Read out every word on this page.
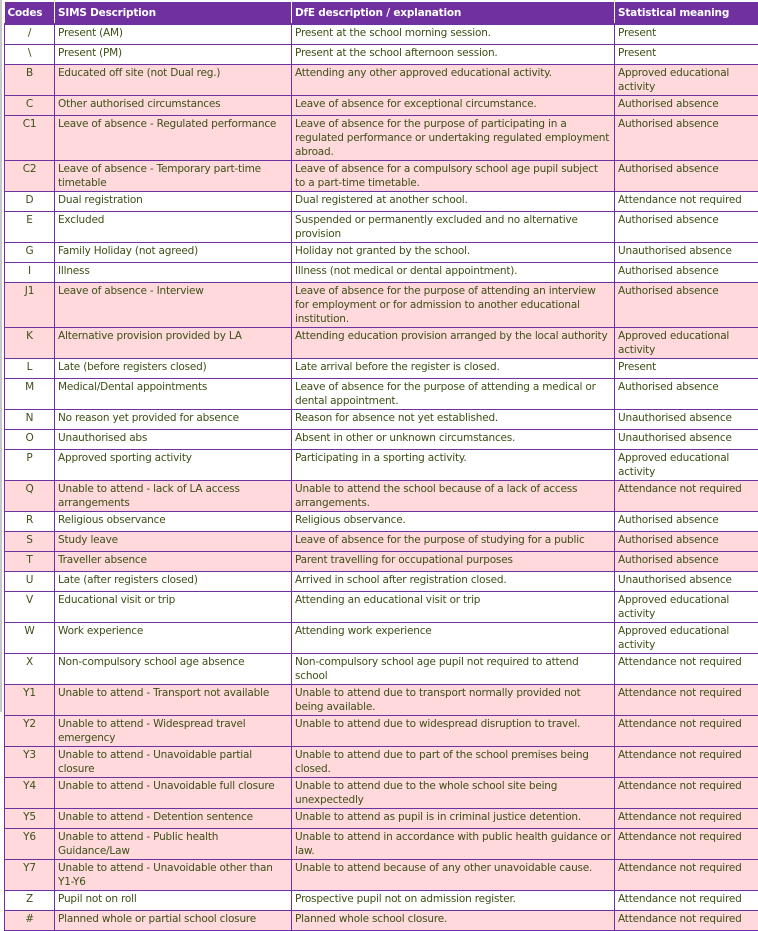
Codes	SIMS Description	DfE description / explanation	Statistical meaning
/	Present (AM)	Present at the school morning session.	Present
\	Present (PM)	Present at the school afternoon session.	Present
B	Educated off site (not Dual reg.)	Attending any other approved educational activity.	Approved educational activity
C	Other authorised circumstances	Leave of absence for exceptional circumstance.	Authorised absence
C1	Leave of absence - Regulated performance	Leave of absence for the purpose of participating in a regulated performance or undertaking regulated employment abroad.	Authorised absence
C2	Leave of absence - Temporary part-time timetable	Leave of absence for a compulsory school age pupil subject to a part-time timetable.	Authorised absence
D	Dual registration	Dual registered at another school.	Attendance not required
E	Excluded	Suspended or permanently excluded and no alternative provision	Authorised absence
G	Family Holiday (not agreed)	Holiday not granted by the school.	Unauthorised absence
I	Illness	Illness (not medical or dental appointment).	Authorised absence
J1	Leave of absence - Interview	Leave of absence for the purpose of attending an interview for employment or for admission to another educational institution.	Authorised absence
K	Alternative provision provided by LA	Attending education provision arranged by the local authority	Approved educational activity
L	Late (before registers closed)	Late arrival before the register is closed.	Present
M	Medical/Dental appointments	Leave of absence for the purpose of attending a medical or dental appointment.	Authorised absence
N	No reason yet provided for absence	Reason for absence not yet established.	Unauthorised absence
O	Unauthorised abs	Absent in other or unknown circumstances.	Unauthorised absence
P	Approved sporting activity	Participating in a sporting activity.	Approved educational activity
Q	Unable to attend - lack of LA access arrangements	Unable to attend the school because of a lack of access arrangements.	Attendance not required
R	Religious observance	Religious observance.	Authorised absence
S	Study leave	Leave of absence for the purpose of studying for a public	Authorised absence
T	Traveller absence	Parent travelling for occupational purposes	Authorised absence
U	Late (after registers closed)	Arrived in school after registration closed.	Unauthorised absence
V	Educational visit or trip	Attending an educational visit or trip	Approved educational activity
W	Work experience	Attending work experience	Approved educational activity
X	Non-compulsory school age absence	Non-compulsory school age pupil not required to attend school	Attendance not required
Y1	Unable to attend - Transport not available	Unable to attend due to transport normally provided not being available.	Attendance not required
Y2	Unable to attend - Widespread travel emergency	Unable to attend due to widespread disruption to travel.	Attendance not required
Y3	Unable to attend - Unavoidable partial closure	Unable to attend due to part of the school premises being closed.	Attendance not required
Y4	Unable to attend - Unavoidable full closure	Unable to attend due to the whole school site being unexpectedly	Attendance not required
Y5	Unable to attend - Detention sentence	Unable to attend as pupil is in criminal justice detention.	Attendance not required
Y6	Unable to attend - Public health Guidance/Law	Unable to attend in accordance with public health guidance or law.	Attendance not required
Y7	Unable to attend - Unavoidable other than Y1-Y6	Unable to attend because of any other unavoidable cause.	Attendance not required
Z	Pupil not on roll	Prospective pupil not on admission register.	Attendance not required
#	Planned whole or partial school closure	Planned whole school closure.	Attendance not required
